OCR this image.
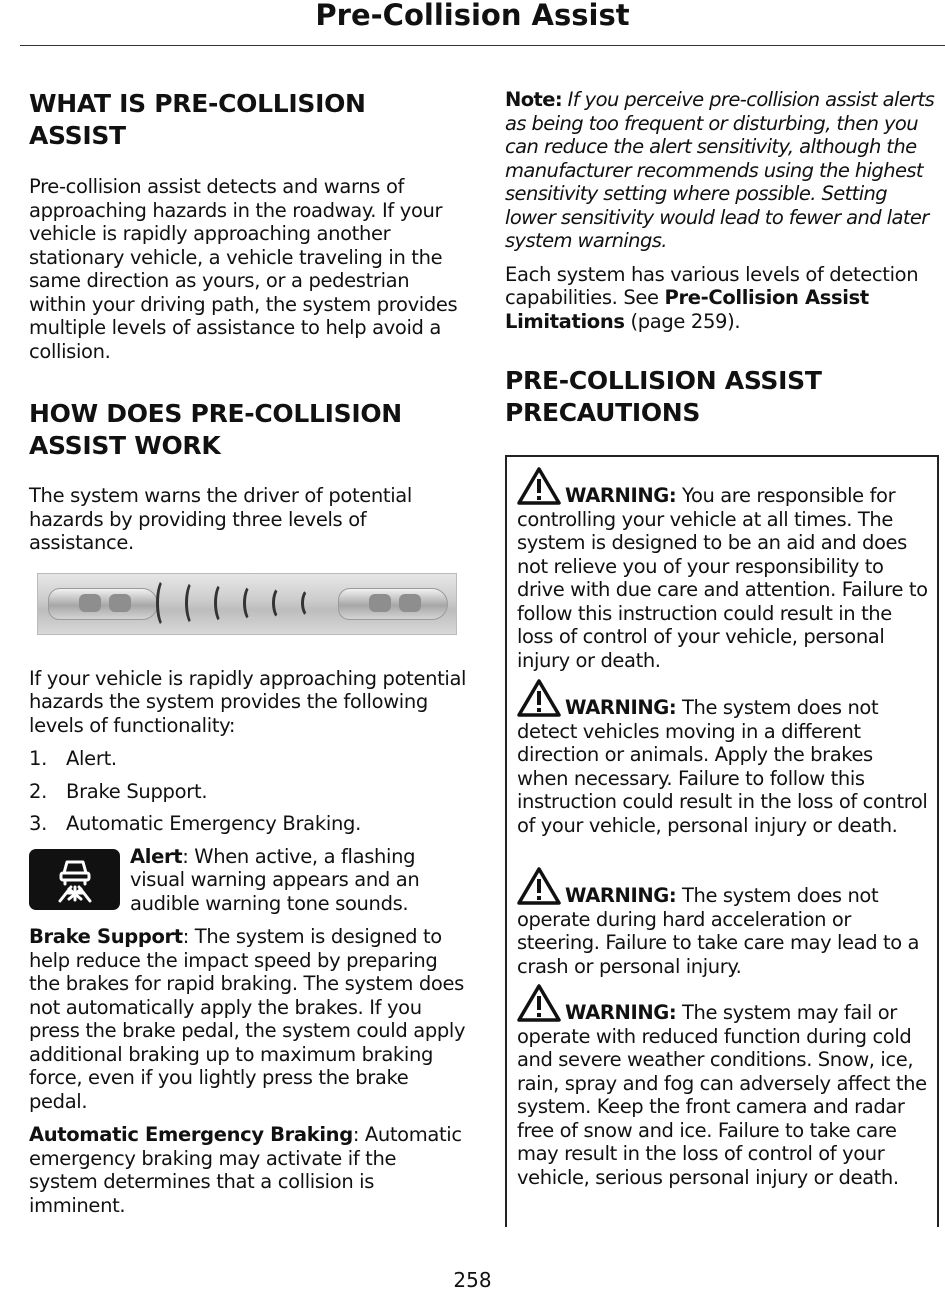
Pre-Collision Assist
WHAT IS PRE-COLLISION ASSIST

Pre-collision assist detects and warns of approaching hazards in the roadway. If your vehicle is rapidly approaching another stationary vehicle, a vehicle traveling in the same direction as yours, or a pedestrian within your driving path, the system provides multiple levels of assistance to help avoid a collision.

HOW DOES PRE-COLLISION ASSIST WORK

The system warns the driver of potential hazards by providing three levels of assistance.

If your vehicle is rapidly approaching potential hazards the system provides the following levels of functionality:

1. Alert.
2. Brake Support.
3. Automatic Emergency Braking.

Alert: When active, a flashing visual warning appears and an audible warning tone sounds.

Brake Support: The system is designed to help reduce the impact speed by preparing the brakes for rapid braking. The system does not automatically apply the brakes. If you press the brake pedal, the system could apply additional braking up to maximum braking force, even if you lightly press the brake pedal.

Automatic Emergency Braking: Automatic emergency braking may activate if the system determines that a collision is imminent.

Note: If you perceive pre-collision assist alerts as being too frequent or disturbing, then you can reduce the alert sensitivity, although the manufacturer recommends using the highest sensitivity setting where possible. Setting lower sensitivity would lead to fewer and later system warnings.

Each system has various levels of detection capabilities. See Pre-Collision Assist Limitations (page 259).

PRE-COLLISION ASSIST PRECAUTIONS
WARNING: You are responsible for controlling your vehicle at all times. The system is designed to be an aid and does not relieve you of your responsibility to drive with due care and attention. Failure to follow this instruction could result in the loss of control of your vehicle, personal injury or death.
WARNING: The system does not detect vehicles moving in a different direction or animals. Apply the brakes when necessary. Failure to follow this instruction could result in the loss of control of your vehicle, personal injury or death.
WARNING: The system does not operate during hard acceleration or steering. Failure to take care may lead to a crash or personal injury.
WARNING: The system may fail or operate with reduced function during cold and severe weather conditions. Snow, ice, rain, spray and fog can adversely affect the system. Keep the front camera and radar free of snow and ice. Failure to take care may result in the loss of control of your vehicle, serious personal injury or death.
258
